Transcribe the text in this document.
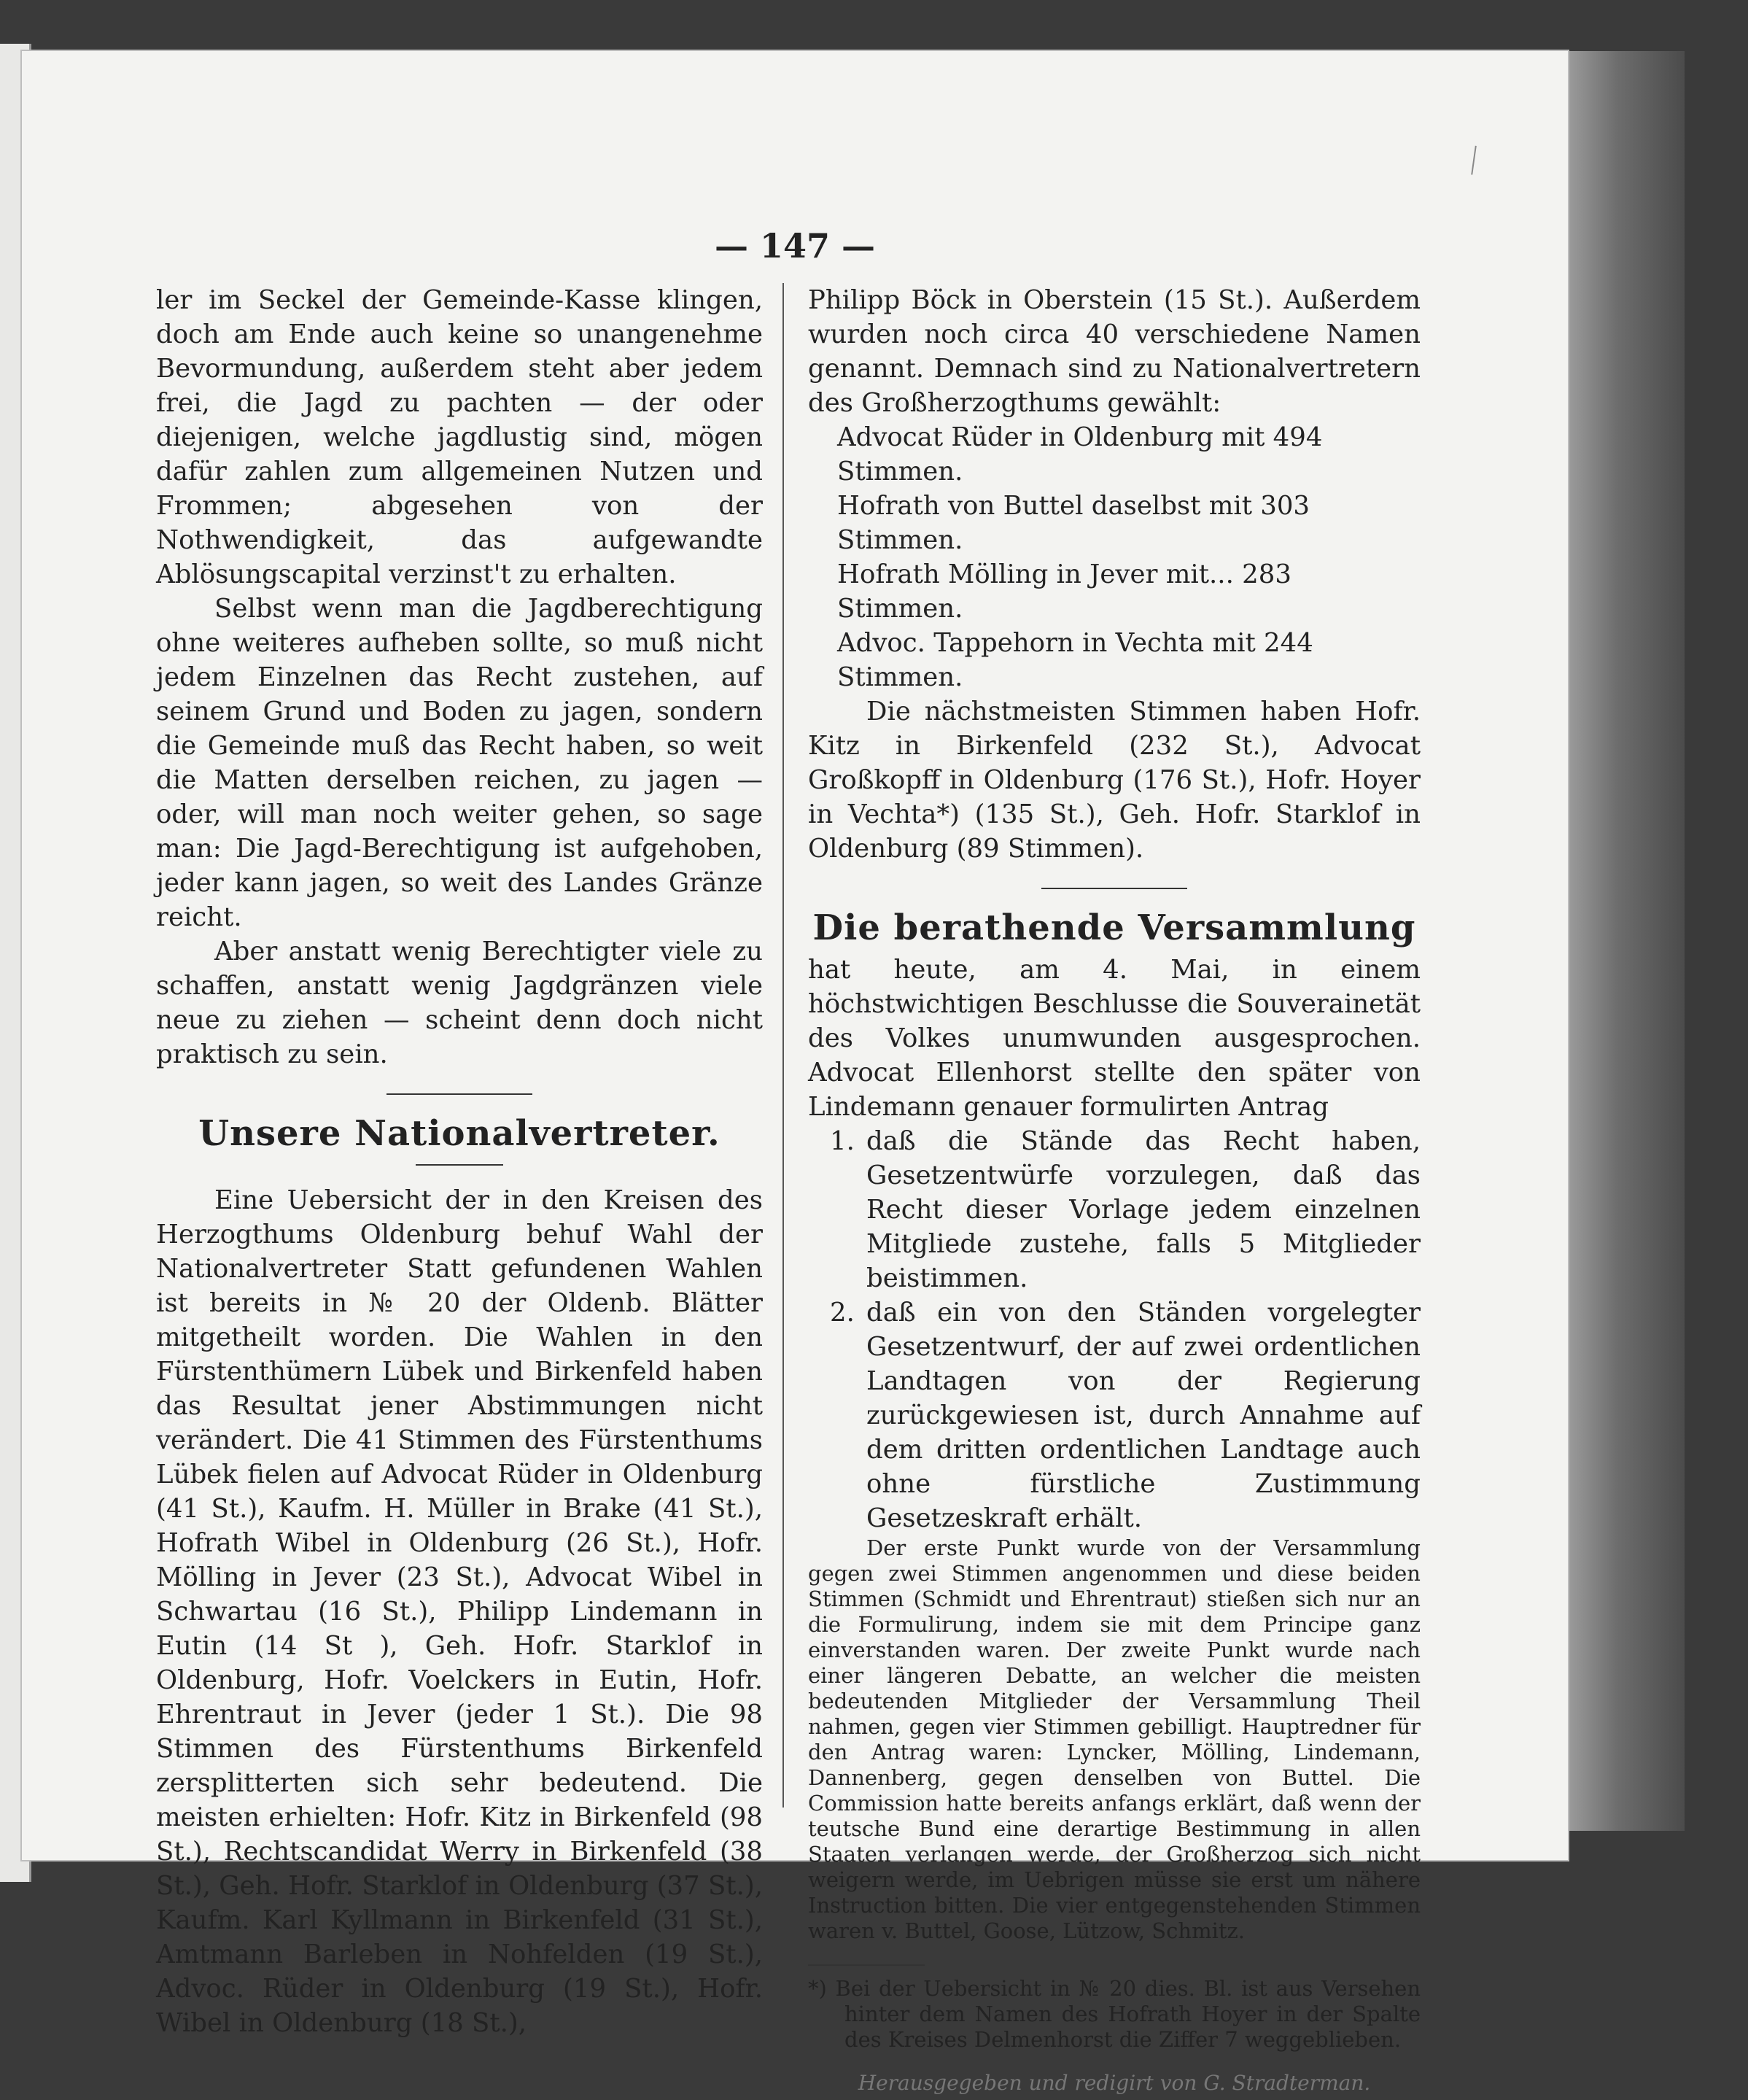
— 147 —

ler im Seckel der Gemeinde-Kasse klingen, doch am Ende auch keine so unangenehme Bevormundung, außerdem steht aber jedem frei, die Jagd zu pachten — der oder diejenigen, welche jagdlustig sind, mögen dafür zahlen zum allgemeinen Nutzen und Frommen; abgesehen von der Nothwendigkeit, das aufgewandte Ablösungscapital verzinst't zu erhalten.

Selbst wenn man die Jagdberechtigung ohne weiteres aufheben sollte, so muß nicht jedem Einzelnen das Recht zustehen, auf seinem Grund und Boden zu jagen, sondern die Gemeinde muß das Recht haben, so weit die Matten derselben reichen, zu jagen — oder, will man noch weiter gehen, so sage man: Die Jagd-Berechtigung ist aufgehoben, jeder kann jagen, so weit des Landes Gränze reicht.

Aber anstatt wenig Berechtigter viele zu schaffen, anstatt wenig Jagdgränzen viele neue zu ziehen — scheint denn doch nicht praktisch zu sein.

Unsere Nationalvertreter.

Eine Uebersicht der in den Kreisen des Herzogthums Oldenburg behuf Wahl der Nationalvertreter Statt gefundenen Wahlen ist bereits in № 20 der Oldenb. Blätter mitgetheilt worden. Die Wahlen in den Fürstenthümern Lübek und Birkenfeld haben das Resultat jener Abstimmungen nicht verändert. Die 41 Stimmen des Fürstenthums Lübek fielen auf Advocat Rüder in Oldenburg (41 St.), Kaufm. H. Müller in Brake (41 St.), Hofrath Wibel in Oldenburg (26 St.), Hofr. Mölling in Jever (23 St.), Advocat Wibel in Schwartau (16 St.), Philipp Lindemann in Eutin (14 St ), Geh. Hofr. Starklof in Oldenburg, Hofr. Voelckers in Eutin, Hofr. Ehrentraut in Jever (jeder 1 St.). Die 98 Stimmen des Fürstenthums Birkenfeld zersplitterten sich sehr bedeutend. Die meisten erhielten: Hofr. Kitz in Birkenfeld (98 St.), Rechtscandidat Werry in Birkenfeld (38 St.), Geh. Hofr. Starklof in Oldenburg (37 St.), Kaufm. Karl Kyllmann in Birkenfeld (31 St.), Amtmann Barleben in Nohfelden (19 St.), Advoc. Rüder in Oldenburg (19 St.), Hofr. Wibel in Oldenburg (18 St.),

Philipp Böck in Oberstein (15 St.). Außerdem wurden noch circa 40 verschiedene Namen genannt. Demnach sind zu Nationalvertretern des Großherzogthums gewählt:

Advocat Rüder in Oldenburg mit 494 Stimmen.

Hofrath von Buttel daselbst mit 303 Stimmen.

Hofrath Mölling in Jever mit... 283 Stimmen.

Advoc. Tappehorn in Vechta mit 244 Stimmen.

Die nächstmeisten Stimmen haben Hofr. Kitz in Birkenfeld (232 St.), Advocat Großkopff in Oldenburg (176 St.), Hofr. Hoyer in Vechta*) (135 St.), Geh. Hofr. Starklof in Oldenburg (89 Stimmen).

Die berathende Versammlung

hat heute, am 4. Mai, in einem höchstwichtigen Beschlusse die Souverainetät des Volkes unumwunden ausgesprochen. Advocat Ellenhorst stellte den später von Lindemann genauer formulirten Antrag

1. daß die Stände das Recht haben, Gesetzentwürfe vorzulegen, daß das Recht dieser Vorlage jedem einzelnen Mitgliede zustehe, falls 5 Mitglieder beistimmen.
2. daß ein von den Ständen vorgelegter Gesetzentwurf, der auf zwei ordentlichen Landtagen von der Regierung zurückgewiesen ist, durch Annahme auf dem dritten ordentlichen Landtage auch ohne fürstliche Zustimmung Gesetzeskraft erhält.

Der erste Punkt wurde von der Versammlung gegen zwei Stimmen angenommen und diese beiden Stimmen (Schmidt und Ehrentraut) stießen sich nur an die Formulirung, indem sie mit dem Principe ganz einverstanden waren. Der zweite Punkt wurde nach einer längeren Debatte, an welcher die meisten bedeutenden Mitglieder der Versammlung Theil nahmen, gegen vier Stimmen gebilligt. Hauptredner für den Antrag waren: Lyncker, Mölling, Lindemann, Dannenberg, gegen denselben von Buttel. Die Commission hatte bereits anfangs erklärt, daß wenn der teutsche Bund eine derartige Bestimmung in allen Staaten verlangen werde, der Großherzog sich nicht weigern werde, im Uebrigen müsse sie erst um nähere Instruction bitten. Die vier entgegenstehenden Stimmen waren v. Buttel, Goose, Lützow, Schmitz.

*) Bei der Uebersicht in № 20 dies. Bl. ist aus Versehen hinter dem Namen des Hofrath Hoyer in der Spalte des Kreises Delmenhorst die Ziffer 7 weggeblieben.

Herausgegeben und redigirt von G. Stradterman.
